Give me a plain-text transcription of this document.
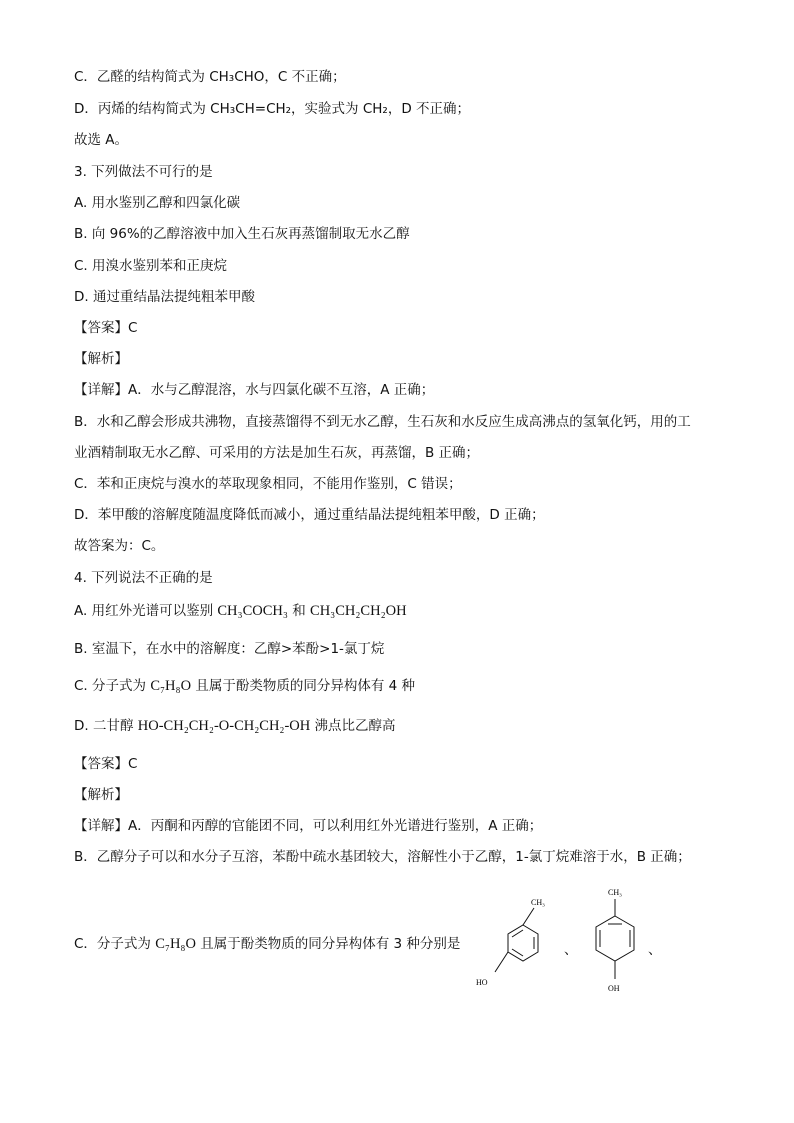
C．乙醛的结构简式为 CH₃CHO，C 不正确；
D．丙烯的结构简式为 CH₃CH=CH₂，实验式为 CH₂，D 不正确；
故选 A。
3. 下列做法不可行的是
A. 用水鉴别乙醇和四氯化碳
B. 向 96%的乙醇溶液中加入生石灰再蒸馏制取无水乙醇
C. 用溴水鉴别苯和正庚烷
D. 通过重结晶法提纯粗苯甲酸
【答案】C
【解析】
【详解】A．水与乙醇混溶，水与四氯化碳不互溶，A 正确；
B．水和乙醇会形成共沸物，直接蒸馏得不到无水乙醇，生石灰和水反应生成高沸点的氢氧化钙，用的工
业酒精制取无水乙醇、可采用的方法是加生石灰，再蒸馏，B 正确；
C．苯和正庚烷与溴水的萃取现象相同，不能用作鉴别，C 错误；
D．苯甲酸的溶解度随温度降低而减小，通过重结晶法提纯粗苯甲酸，D 正确；
故答案为：C。
4. 下列说法不正确的是
A. 用红外光谱可以鉴别 CH₃COCH₃ 和 CH₃CH₂CH₂OH
B. 室温下，在水中的溶解度：乙醇>苯酚>1-氯丁烷
C. 分子式为 C₇H₈O 且属于酚类物质的同分异构体有 4 种
D. 二甘醇 HO-CH₂CH₂-O-CH₂CH₂-OH 沸点比乙醇高
【答案】C
【解析】
【详解】A．丙酮和丙醇的官能团不同，可以利用红外光谱进行鉴别，A 正确；
B．乙醇分子可以和水分子互溶，苯酚中疏水基团较大，溶解性小于乙醇，1-氯丁烷难溶于水，B 正确；
C．分子式为 C₇H₈O 且属于酚类物质的同分异构体有 3 种分别是
CH₃
HO
、
CH₃
OH
、
